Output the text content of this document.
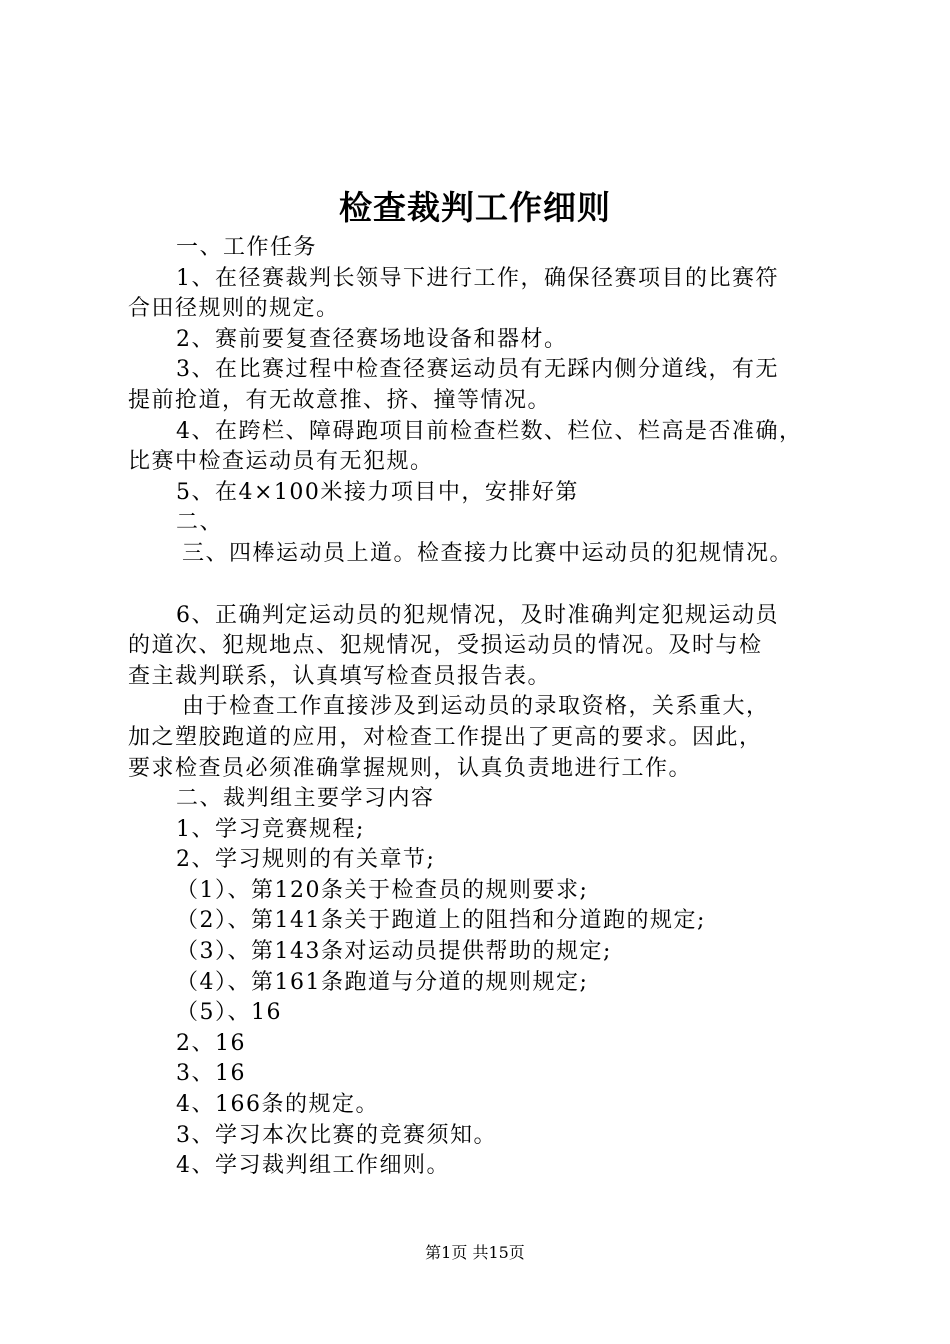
检查裁判工作细则
一、工作任务
1、在径赛裁判长领导下进行工作，确保径赛项目的比赛符
合田径规则的规定。
2、赛前要复查径赛场地设备和器材。
3、在比赛过程中检查径赛运动员有无踩内侧分道线，有无
提前抢道，有无故意推、挤、撞等情况。
4、在跨栏、障碍跑项目前检查栏数、栏位、栏高是否准确，
比赛中检查运动员有无犯规。
5、在4×100米接力项目中，安排好第
二、
三、四棒运动员上道。检查接力比赛中运动员的犯规情况。
6、正确判定运动员的犯规情况，及时准确判定犯规运动员
的道次、犯规地点、犯规情况，受损运动员的情况。及时与检
查主裁判联系，认真填写检查员报告表。
由于检查工作直接涉及到运动员的录取资格，关系重大，
加之塑胶跑道的应用，对检查工作提出了更高的要求。因此，
要求检查员必须准确掌握规则，认真负责地进行工作。
二、裁判组主要学习内容
1、学习竞赛规程;
2、学习规则的有关章节;
（1）、第120条关于检查员的规则要求;
（2）、第141条关于跑道上的阻挡和分道跑的规定;
（3）、第143条对运动员提供帮助的规定;
（4）、第161条跑道与分道的规则规定;
（5）、16
2、16
3、16
4、166条的规定。
3、学习本次比赛的竞赛须知。
4、学习裁判组工作细则。
第1页 共15页
